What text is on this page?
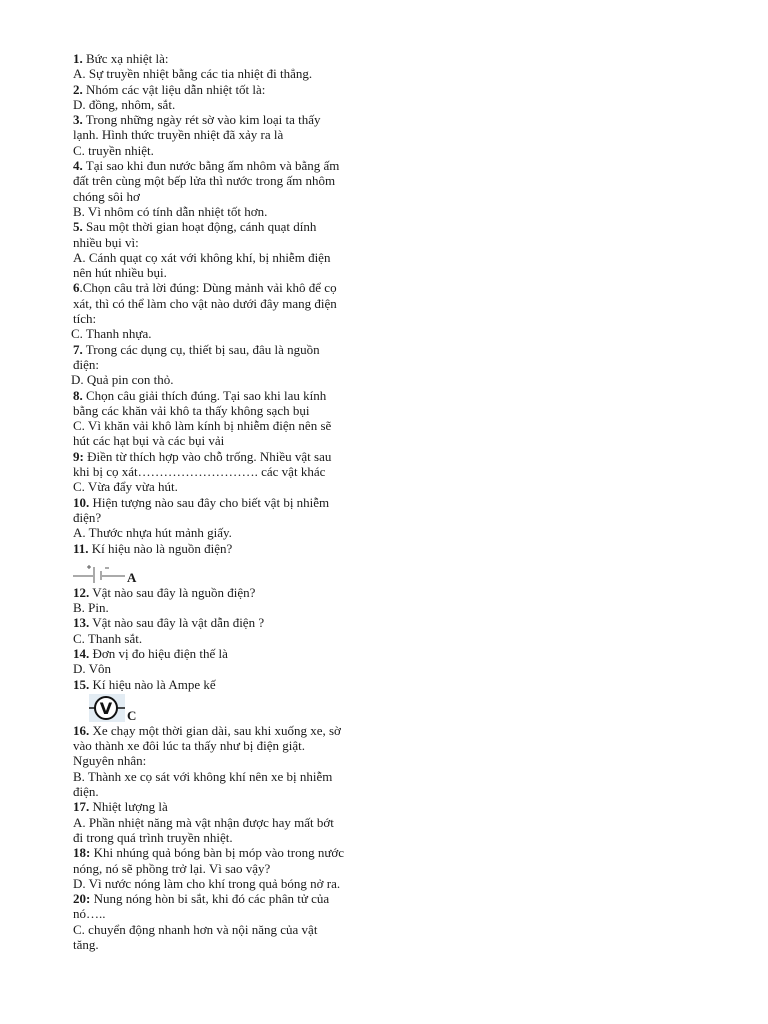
1. Bức xạ nhiệt là:
A. Sự truyền nhiệt bằng các tia nhiệt đi thẳng.
2. Nhóm các vật liệu dẫn nhiệt tốt là:
D. đồng, nhôm, sắt.
3. Trong những ngày rét sờ vào kim loại ta thấy
lạnh. Hình thức truyền nhiệt đã xảy ra là
C. truyền nhiệt.
4. Tại sao khi đun nước bằng ấm nhôm và bằng ấm
đất trên cùng một bếp lửa thì nước trong ấm nhôm
chóng sôi hơ
B. Vì nhôm có tính dẫn nhiệt tốt hơn.
5. Sau một thời gian hoạt động, cánh quạt dính
nhiều bụi vì:
A. Cánh quạt cọ xát với không khí, bị nhiễm điện
nên hút nhiều bụi.
6.Chọn câu trả lời đúng: Dùng mảnh vải khô để cọ
xát, thì có thể làm cho vật nào dưới đây mang điện
tích:
C. Thanh nhựa.
7. Trong các dụng cụ, thiết bị sau, đâu là nguồn
điện:
D. Quả pin con thỏ.
8. Chọn câu giải thích đúng. Tại sao khi lau kính
bằng các khăn vải khô ta thấy không sạch bụi
C. Vì khăn vải khô làm kính bị nhiễm điện nên sẽ
hút các hạt bụi và các bụi vải
9: Điền từ thích hợp vào chỗ trống. Nhiều vật sau
khi bị cọ xát………………………. các vật khác
C. Vừa đẩy vừa hút.
10. Hiện tượng nào sau đây cho biết vật bị nhiễm
điện?
A. Thước nhựa hút mảnh giấy.
11. Kí hiệu nào là nguồn điện?
A
12. Vật nào sau đây là nguồn điện?
B. Pin.
13. Vật nào sau đây là vật dẫn điện ?
C. Thanh sắt.
14. Đơn vị đo hiệu điện thế là
D. Vôn
15. Kí hiệu nào là Ampe kế
V C
16. Xe chạy một thời gian dài, sau khi xuống xe, sờ
vào thành xe đôi lúc ta thấy như bị điện giật.
Nguyên nhân:
B. Thành xe cọ sát với không khí nên xe bị nhiễm
điện.
17. Nhiệt lượng là
A. Phần nhiệt năng mà vật nhận được hay mất bớt
đi trong quá trình truyền nhiệt.
18: Khi nhúng quả bóng bàn bị móp vào trong nước
nóng, nó sẽ phồng trở lại. Vì sao vậy?
D. Vì nước nóng làm cho khí trong quả bóng nở ra.
20: Nung nóng hòn bi sắt, khi đó các phân tử của
nó…..
C. chuyển động nhanh hơn và nội năng của vật
tăng.
